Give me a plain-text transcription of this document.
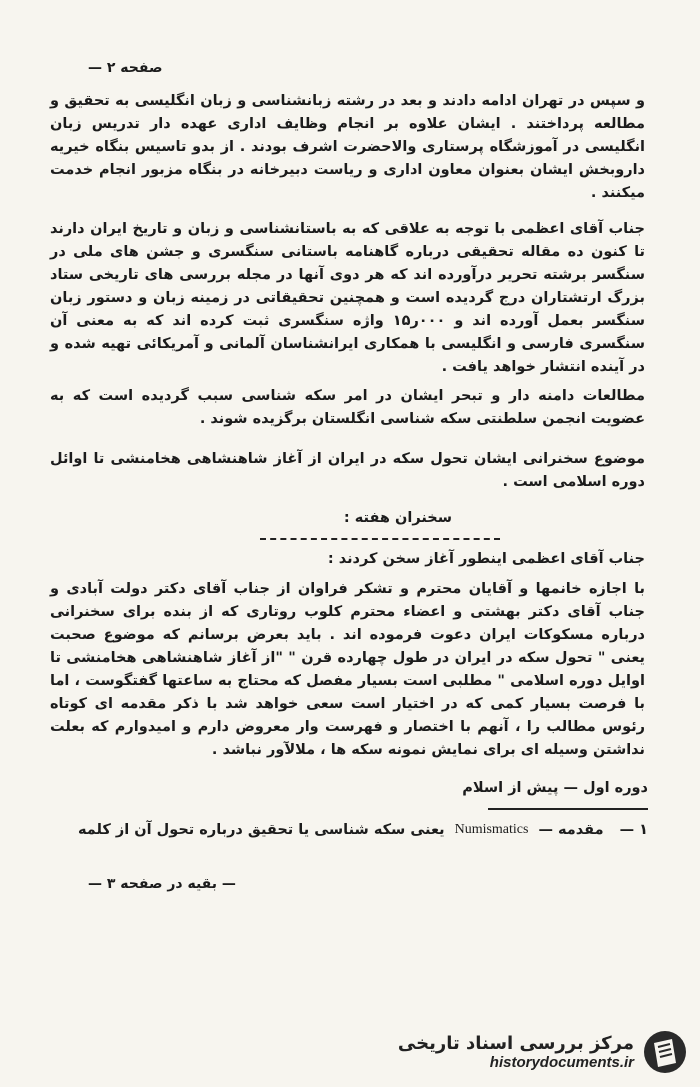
صفحه ۲ —

و سپس در تهران ادامه دادند و بعد در رشته زبانشناسی و زبان انگلیسی به تحقیق و مطالعه پرداختند . ایشان علاوه بر انجام وظایف اداری عهده دار تدریس زبان انگلیسی در آموزشگاه پرستاری والاحضرت اشرف بودند . از بدو تاسیس بنگاه خیریه داروبخش ایشان بعنوان معاون اداری و ریاست دبیرخانه در بنگاه مزبور انجام خدمت میکنند .

جناب آقای اعظمی با توجه به علاقی که به باستانشناسی و زبان و تاریخ ایران دارند تا کنون ده مقاله تحقیقی درباره گاهنامه باستانی سنگسری و جشن های ملی در سنگسر برشته تحریر درآورده اند که هر دوی آنها در مجله بررسی های تاریخی ستاد بزرگ ارتشتاران درج گردیده است و همچنین تحقیقاتی در زمینه زبان و دستور زبان سنگسر بعمل آورده اند و ۰۰۰ر۱۵ واژه سنگسری ثبت کرده اند که به معنی آن سنگسری فارسی و انگلیسی با همکاری ایرانشناسان آلمانی و آمریکائی تهیه شده و در آینده انتشار خواهد یافت .

مطالعات دامنه دار و تبحر ایشان در امر سکه شناسی سبب گردیده است که به عضویت انجمن سلطنتی سکه شناسی انگلستان برگزیده شوند .

موضوع سخنرانی ایشان تحول سکه در ایران از آغاز شاهنشاهی هخامنشی تا اوائل دوره اسلامی است .

سخنران هفته :

جناب آقای اعظمی اینطور آغاز سخن کردند :

با اجازه خانمها و آقایان محترم و تشکر فراوان از جناب آقای دکتر دولت آبادی و جناب آقای دکتر بهشتی و اعضاء محترم کلوب روتاری که از بنده برای سخنرانی درباره مسکوکات ایران دعوت فرموده اند . باید بعرض برسانم که موضوع صحبت یعنی " تحول سکه در ایران در طول چهارده قرن " "از آغاز شاهنشاهی هخامنشی تا اوایل دوره اسلامی " مطلبی است بسیار مفصل که محتاج به ساعتها گفتگوست ، اما با فرصت بسیار کمی که در اختیار است سعی خواهد شد با ذکر مقدمه ای کوتاه رئوس مطالب را ، آنهم با اختصار و فهرست وار معروض دارم و امیدوارم که بعلت نداشتن وسیله ای برای نمایش نمونه سکه ها ، ملالآور نباشد .

دوره اول — پیش از اسلام
۱ —
مقدمه —
Numismatics
یعنی سکه شناسی یا تحقیق درباره تحول آن از کلمه
— بقیه در صفحه ۳ —
مرکز بررسی اسناد تاریخی
historydocuments.ir
